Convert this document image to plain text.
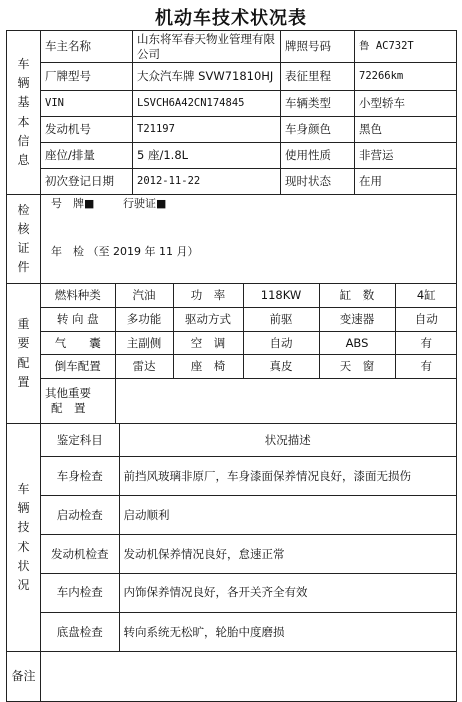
机动车技术状况表
车辆基本信息
	车主名称	山东将军春天物业管理有限公司	牌照号码	鲁 AC732T
厂牌型号	大众汽车牌 SVW71810HJ	表征里程	72266km
VIN	LSVCH6A42CN174845	车辆类型	小型轿车
发动机号	T21197	车身颜色	黑色
座位/排量	5 座/1.8L	使用性质	非营运
初次登记日期	2012-11-22	现时状态	在用

检核证件

号　牌■	行驶证■
年　检 （至 2019 年 11 月）

重要配置

燃料种类	汽油	功　率	118KW	缸　数	4缸
转 向 盘	多功能	驱动方式	前驱	变速器	自动
气　　囊	主副侧	空　调	自动	ABS	有
倒车配置	雷达	座　椅	真皮	天　窗	有

其他重要
配　置

车辆技术状况

鉴定科目	状况描述
车身检查	前挡风玻璃非原厂，车身漆面保养情况良好，漆面无损伤
启动检查	启动顺利
发动机检查	发动机保养情况良好，怠速正常
车内检查	内饰保养情况良好，各开关齐全有效
底盘检查	转向系统无松旷，轮胎中度磨损

备注	
